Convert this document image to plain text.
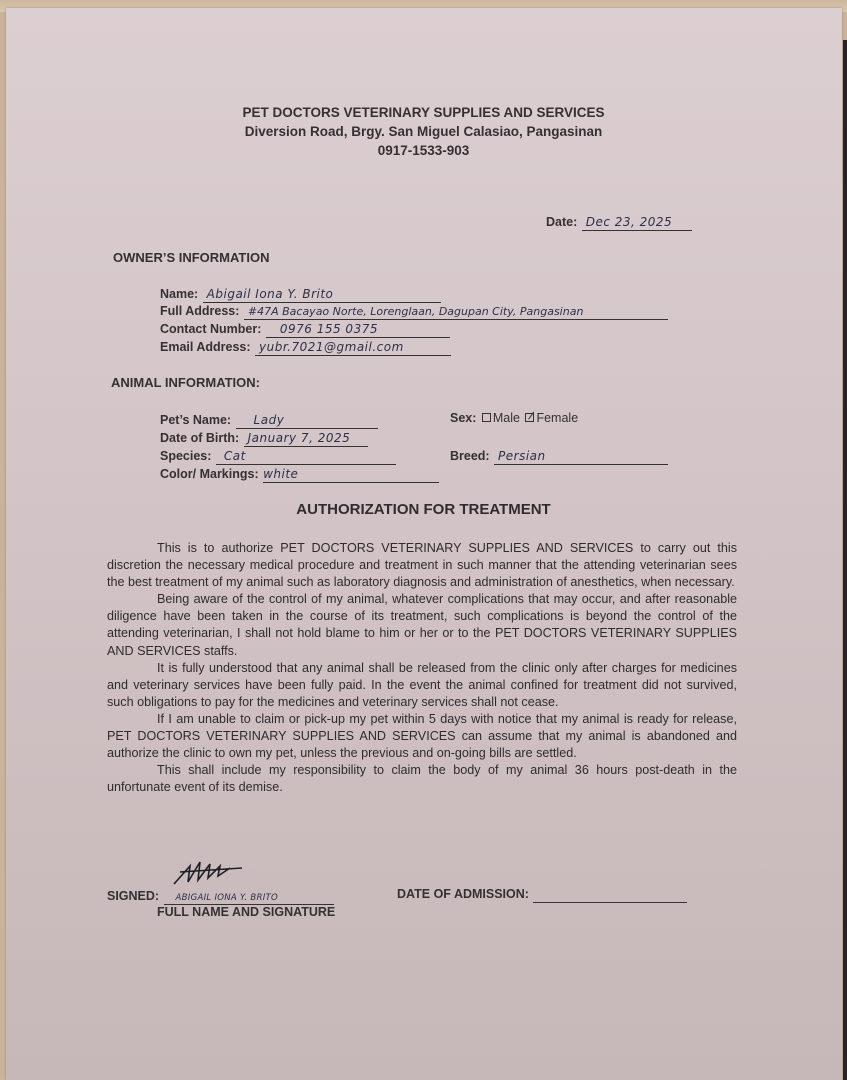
PET DOCTORS VETERINARY SUPPLIES AND SERVICES
Diversion Road, Brgy. San Miguel Calasiao, Pangasinan
0917-1533-903
Date: Dec 23, 2025
OWNER’S INFORMATION
Name: Abigail Iona Y. Brito
Full Address: #47A Bacayao Norte, Lorenglaan, Dagupan City, Pangasinan
Contact Number: 0976 155 0375
Email Address: yubr.7021@gmail.com
ANIMAL INFORMATION:
Pet’s Name: Lady
Date of Birth: January 7, 2025
Species: Cat
Color/ Markings: white
Sex: Male Female
Breed: Persian
AUTHORIZATION FOR TREATMENT

This is to authorize PET DOCTORS VETERINARY SUPPLIES AND SERVICES to carry out this discretion the necessary medical procedure and treatment in such manner that the attending veterinarian sees the best treatment of my animal such as laboratory diagnosis and administration of anesthetics, when necessary.

Being aware of the control of my animal, whatever complications that may occur, and after reasonable diligence have been taken in the course of its treatment, such complications is beyond the control of the attending veterinarian, I shall not hold blame to him or her or to the PET DOCTORS VETERINARY SUPPLIES AND SERVICES staffs.

It is fully understood that any animal shall be released from the clinic only after charges for medicines and veterinary services have been fully paid. In the event the animal confined for treatment did not survived, such obligations to pay for the medicines and veterinary services shall not cease.

If I am unable to claim or pick-up my pet within 5 days with notice that my animal is ready for release, PET DOCTORS VETERINARY SUPPLIES AND SERVICES can assume that my animal is abandoned and authorize the clinic to own my pet, unless the previous and on-going bills are settled.

This shall include my responsibility to claim the body of my animal 36 hours post-death in the unfortunate event of its demise.

SIGNED: ABIGAIL IONA Y. BRITO
FULL NAME AND SIGNATURE
DATE OF ADMISSION:
